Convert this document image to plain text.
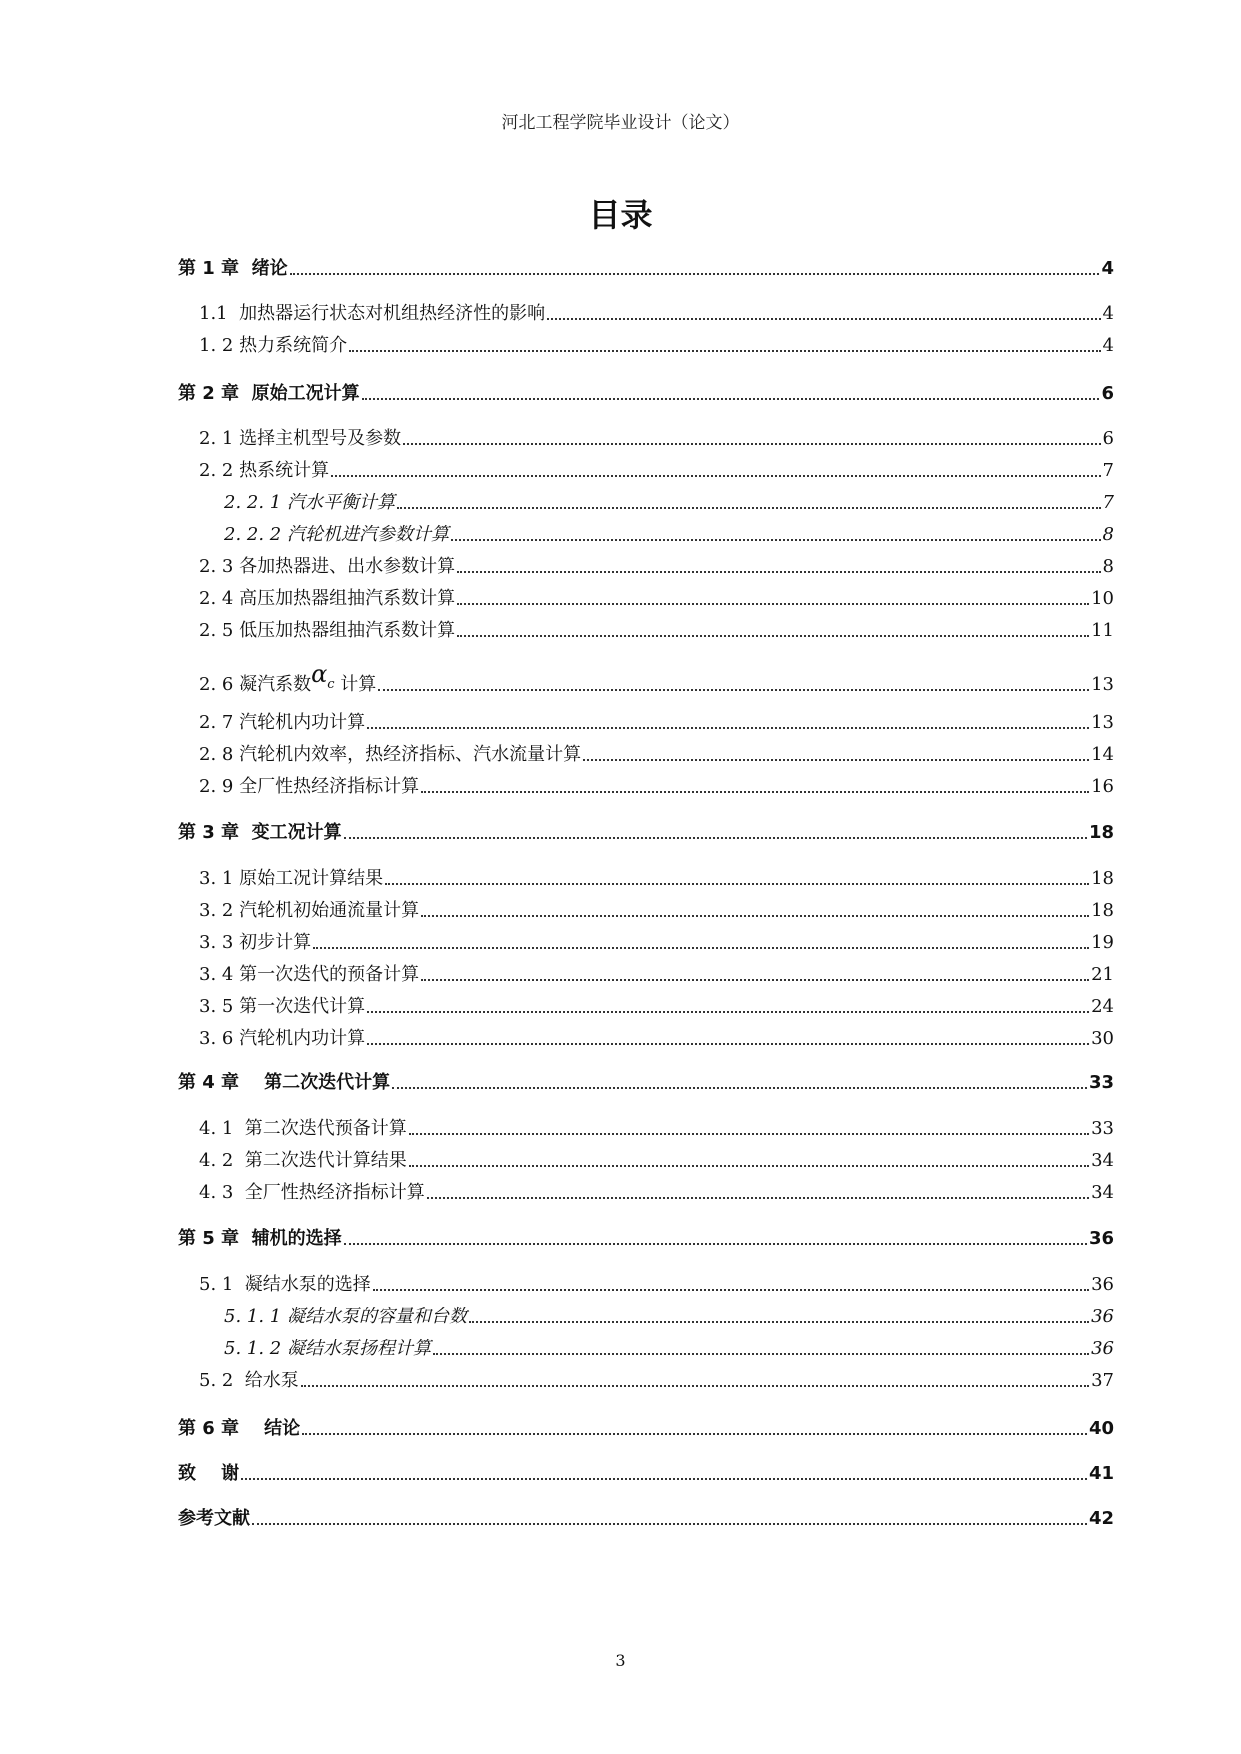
河北工程学院毕业设计（论文）
目录
第 1 章  绪论	4
1.1  加热器运行状态对机组热经济性的影响	4
1. 2 热力系统简介	4
第 2 章  原始工况计算	6
2. 1 选择主机型号及参数	6
2. 2 热系统计算	7
2. 2. 1 汽水平衡计算	7
2. 2. 2 汽轮机进汽参数计算	8
2. 3 各加热器进、出水参数计算	8
2. 4 高压加热器组抽汽系数计算	10
2. 5 低压加热器组抽汽系数计算	11
2. 6 凝汽系数 $\alpha_c$ 计算	13
2. 7 汽轮机内功计算	13
2. 8 汽轮机内效率，热经济指标、汽水流量计算	14
2. 9 全厂性热经济指标计算	16
第 3 章  变工况计算	18
3. 1 原始工况计算结果	18
3. 2 汽轮机初始通流量计算	18
3. 3 初步计算	19
3. 4 第一次迭代的预备计算	21
3. 5 第一次迭代计算	24
3. 6 汽轮机内功计算	30
第 4 章    第二次迭代计算	33
4. 1  第二次迭代预备计算	33
4. 2  第二次迭代计算结果	34
4. 3  全厂性热经济指标计算	34
第 5 章  辅机的选择	36
5. 1  凝结水泵的选择	36
5. 1. 1 凝结水泵的容量和台数	36
5. 1. 2 凝结水泵扬程计算	36
5. 2  给水泵	37
第 6 章    结论	40
致    谢	41
参考文献	42
3
